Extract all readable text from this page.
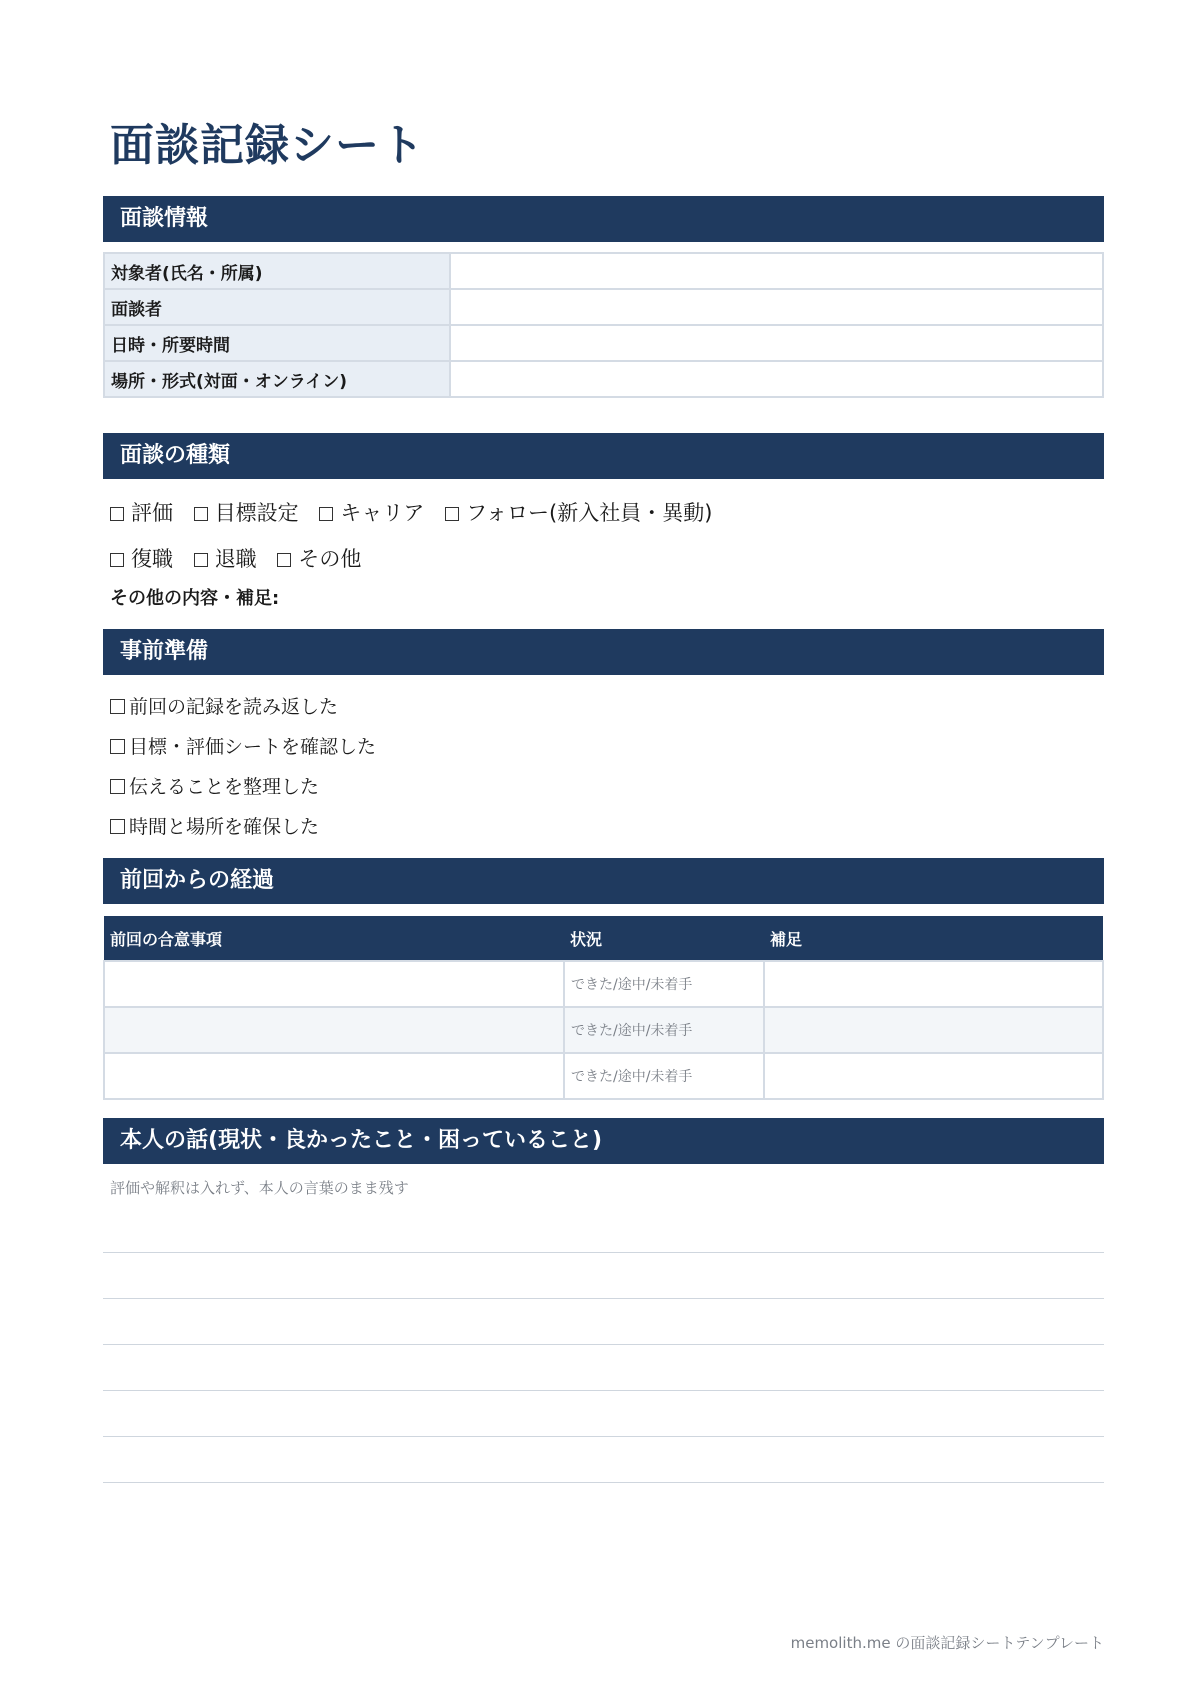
面談記録シート
面談情報
対象者(氏名・所属)	
面談者	
日時・所要時間	
場所・形式(対面・オンライン)	
面談の種類
評価 目標設定 キャリア フォロー(新入社員・異動)
復職 退職 その他
その他の内容・補足:
事前準備
前回の記録を読み返した
目標・評価シートを確認した
伝えることを整理した
時間と場所を確保した
前回からの経過
前回の合意事項	状況	補足
	できた/途中/未着手	
	できた/途中/未着手	
	できた/途中/未着手	
本人の話(現状・良かったこと・困っていること)
評価や解釈は入れず、本人の言葉のまま残す
memolith.me の面談記録シートテンプレート
